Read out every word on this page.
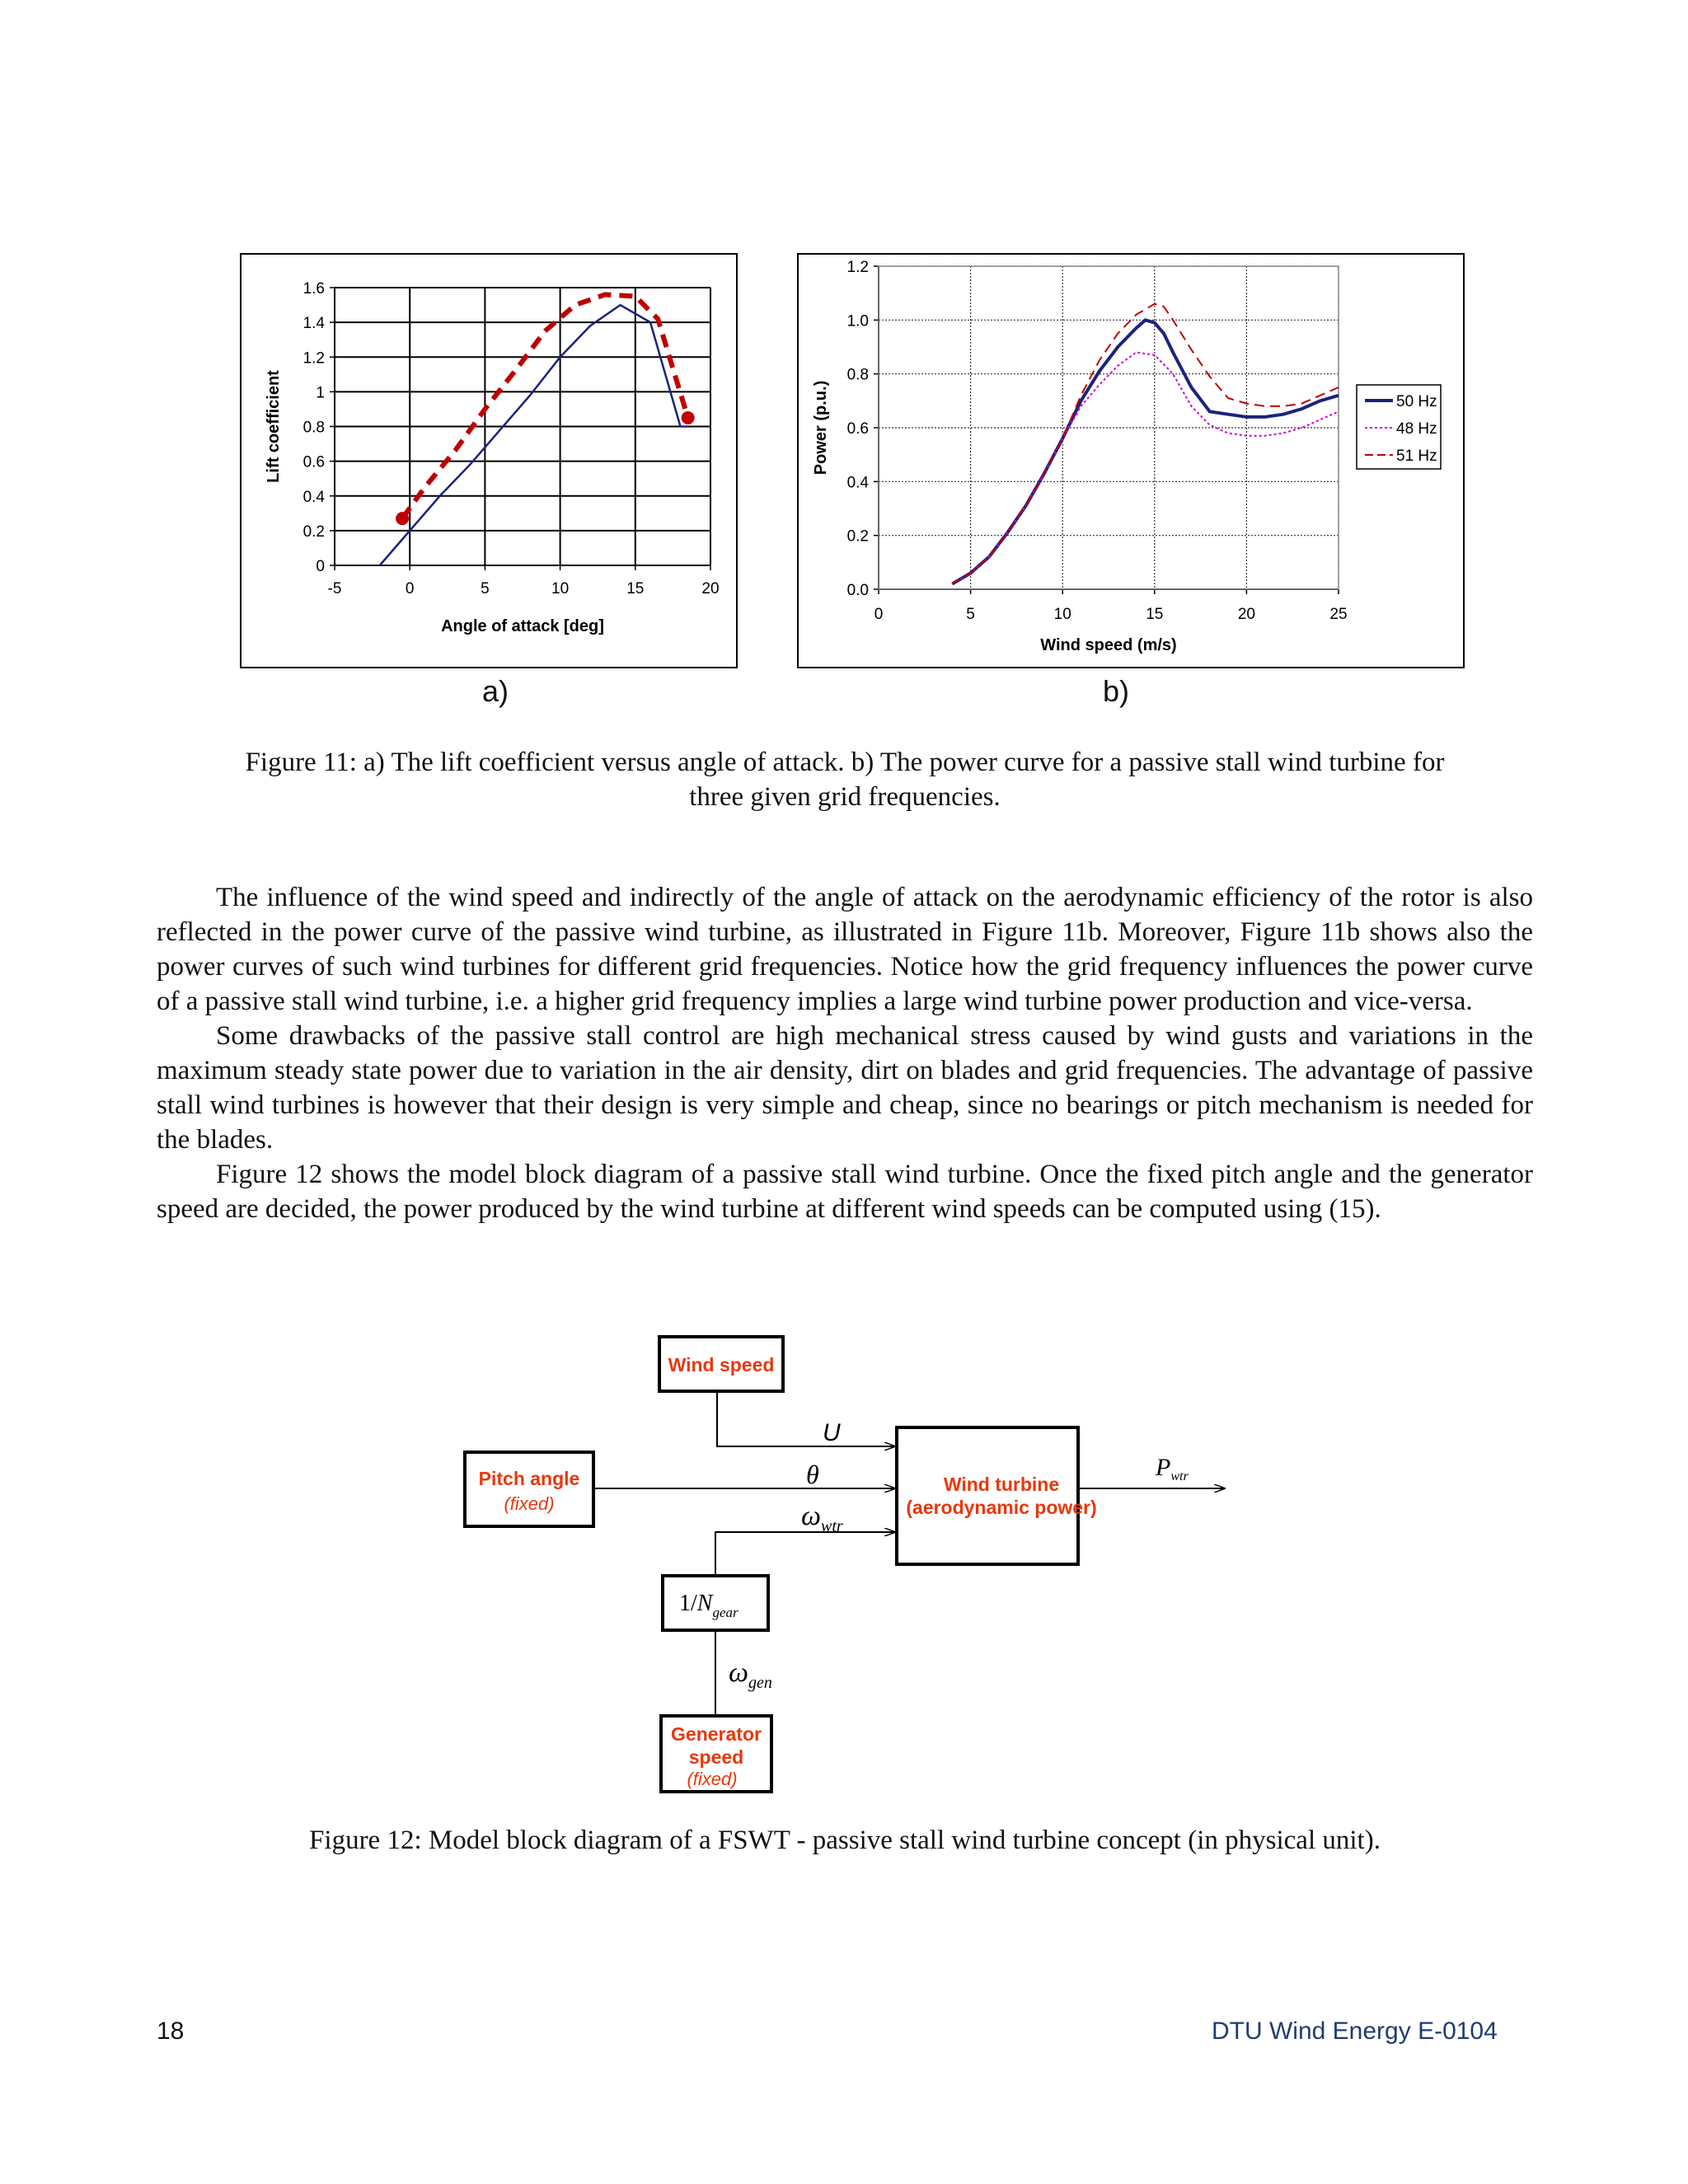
-5	0	5	10	15	20
0
0.2
0.4
0.6
0.8
1
1.2
1.4
1.6
Angle of attack [deg]
Lift coefficient
0	5	10	15	20	25
0.0
0.2
0.4
0.6
0.8
1.0
1.2
Wind speed (m/s)
Power (p.u.)	50 Hz
48 Hz
51 Hz
a)	b)
Figure 11: a) The lift coefficient versus angle of attack. b) The power curve for a passive stall wind turbine for
three given grid frequencies.

The influence of the wind speed and indirectly of the angle of attack on the aerodynamic efficiency of the rotor is also reflected in the power curve of the passive wind turbine, as illustrated in Figure 11b. Moreover, Figure 11b shows also the power curves of such wind turbines for different grid frequencies. Notice how the grid frequency influences the power curve of a passive stall wind turbine, i.e. a higher grid frequency implies a large wind turbine power production and vice-versa.

Some drawbacks of the passive stall control are high mechanical stress caused by wind gusts and variations in the maximum steady state power due to variation in the air density, dirt on blades and grid frequencies. The advantage of passive stall wind turbines is however that their design is very simple and cheap, since no bearings or pitch mechanism is needed for the blades.

Figure 12 shows the model block diagram of a passive stall wind turbine. Once the fixed pitch angle and the generator speed are decided, the power produced by the wind turbine at different wind speeds can be computed using (15).

Wind speed
Pitch angle
(fixed)
Wind turbine
(aerodynamic power)
$1/N_{gear}$
Generator
speed
(fixed)
U
θ
$\omega_{wtr}$
$\omega_{gen}$
$P_{wtr}$
Figure 12: Model block diagram of a FSWT - passive stall wind turbine concept (in physical unit).
18	DTU Wind Energy E-0104
